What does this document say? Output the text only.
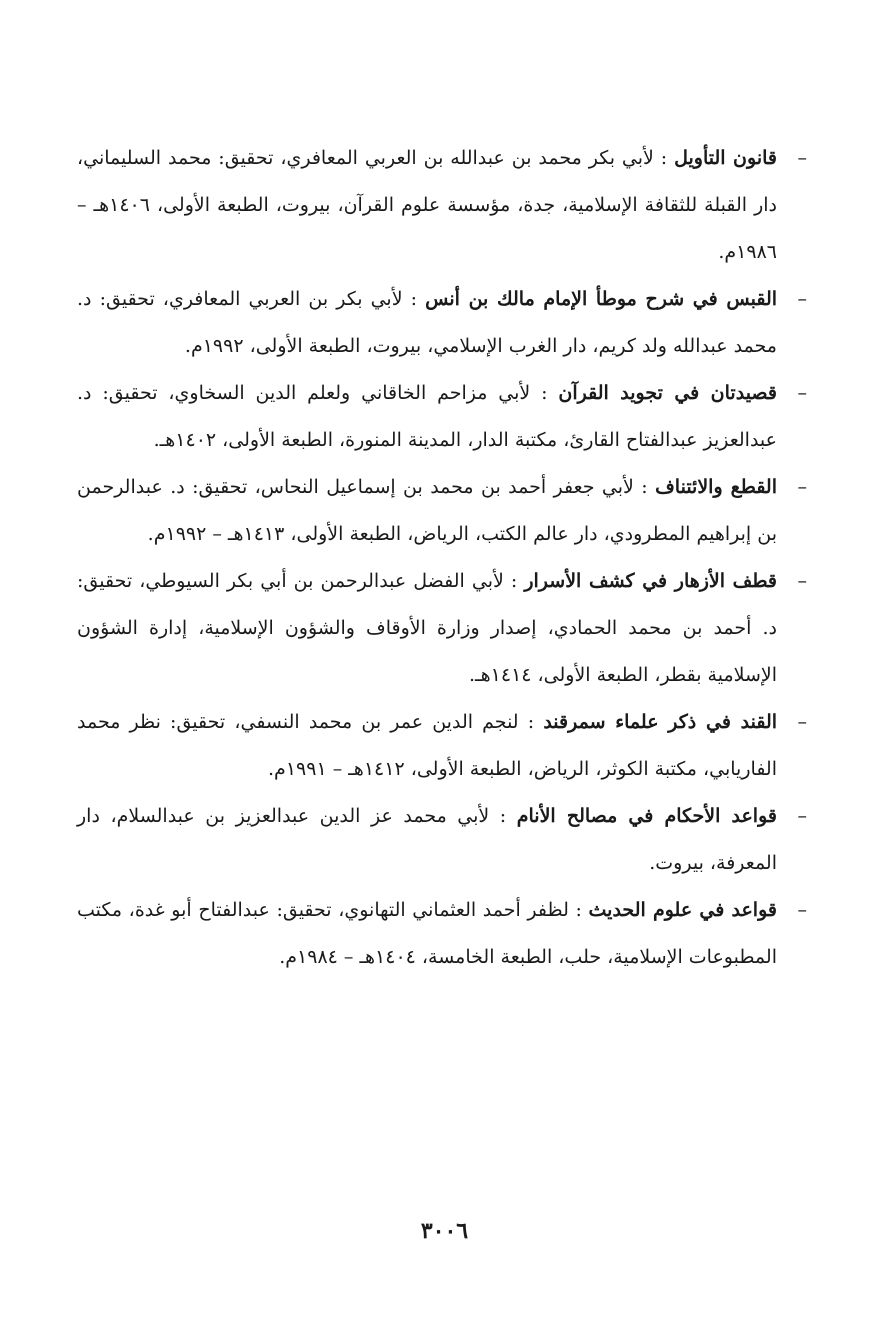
–
قانون التأويل : لأبي بكر محمد بن عبدالله بن العربي المعافري، تحقيق: محمد السليماني، دار القبلة للثقافة الإسلامية، جدة، مؤسسة علوم القرآن، بيروت، الطبعة الأولى، ١٤٠٦هـ – ١٩٨٦م.
–
القبس في شرح موطأ الإمام مالك بن أنس : لأبي بكر بن العربي المعافري، تحقيق: د. محمد عبدالله ولد كريم، دار الغرب الإسلامي، بيروت، الطبعة الأولى، ١٩٩٢م.
–
قصيدتان في تجويد القرآن : لأبي مزاحم الخاقاني ولعلم الدين السخاوي، تحقيق: د. عبدالعزيز عبدالفتاح القارئ، مكتبة الدار، المدينة المنورة، الطبعة الأولى، ١٤٠٢هـ.
–
القطع والائتناف : لأبي جعفر أحمد بن محمد بن إسماعيل النحاس، تحقيق: د. عبدالرحمن بن إبراهيم المطرودي، دار عالم الكتب، الرياض، الطبعة الأولى، ١٤١٣هـ – ١٩٩٢م.
–
قطف الأزهار في كشف الأسرار : لأبي الفضل عبدالرحمن بن أبي بكر السيوطي، تحقيق: د. أحمد بن محمد الحمادي، إصدار وزارة الأوقاف والشؤون الإسلامية، إدارة الشؤون الإسلامية بقطر، الطبعة الأولى، ١٤١٤هـ.
–
القند في ذكر علماء سمرقند : لنجم الدين عمر بن محمد النسفي، تحقيق: نظر محمد الفاريابي، مكتبة الكوثر، الرياض، الطبعة الأولى، ١٤١٢هـ – ١٩٩١م.
–
قواعد الأحكام في مصالح الأنام : لأبي محمد عز الدين عبدالعزيز بن عبدالسلام، دار المعرفة، بيروت.
–
قواعد في علوم الحديث : لظفر أحمد العثماني التهانوي، تحقيق: عبدالفتاح أبو غدة، مكتب المطبوعات الإسلامية، حلب، الطبعة الخامسة، ١٤٠٤هـ – ١٩٨٤م.
٣٠٠٦
